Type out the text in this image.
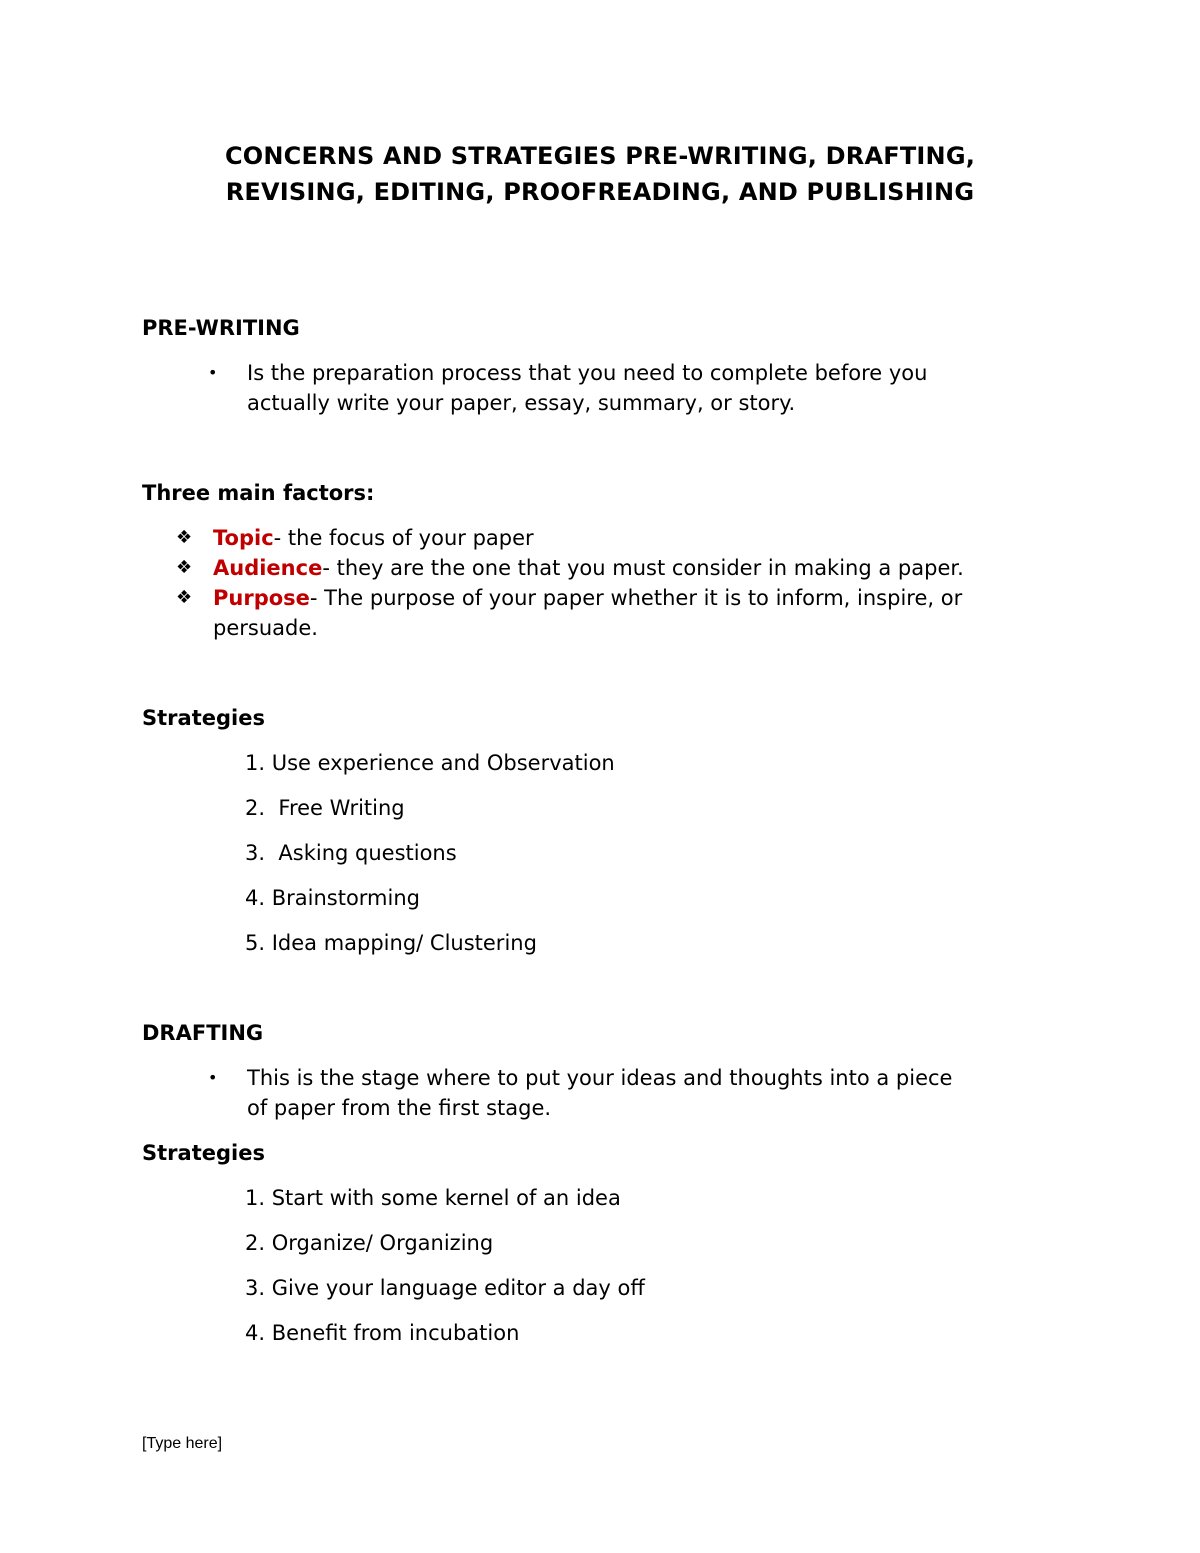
CONCERNS AND STRATEGIES PRE-WRITING, DRAFTING,
REVISING, EDITING, PROOFREADING, AND PUBLISHING
PRE-WRITING
•	Is the preparation process that you need to complete before you
actually write your paper, essay, summary, or story.
Three main factors:
❖ Topic- the focus of your paper
❖ Audience- they are the one that you must consider in making a paper.
❖ Purpose- The purpose of your paper whether it is to inform, inspire, or
persuade.
Strategies
1. Use experience and Observation
2.  Free Writing
3.  Asking questions
4. Brainstorming
5. Idea mapping/ Clustering
DRAFTING
•	This is the stage where to put your ideas and thoughts into a piece
of paper from the first stage.
Strategies
1. Start with some kernel of an idea
2. Organize/ Organizing
3. Give your language editor a day off
4. Benefit from incubation
[Type here]
